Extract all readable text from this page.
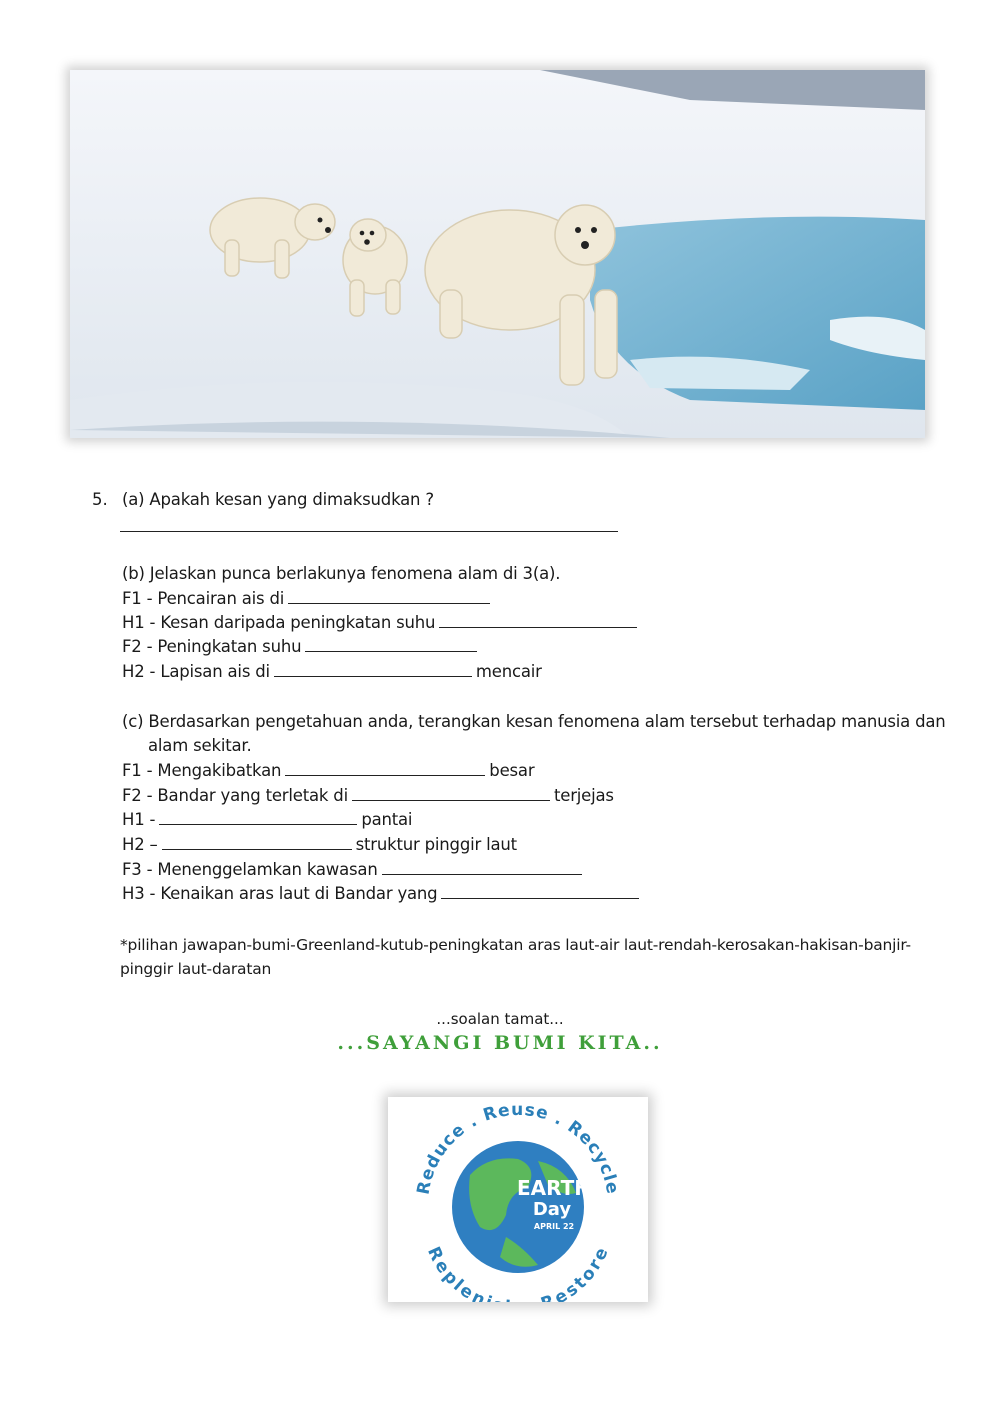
5. (a) Apakah kesan yang dimaksudkan ?
(b) Jelaskan punca berlakunya fenomena alam di 3(a).
F1 - Pencairan ais di
H1 - Kesan daripada peningkatan suhu
F2 - Peningkatan suhu
H2 - Lapisan ais di	mencair
(c) Berdasarkan pengetahuan anda, terangkan kesan fenomena alam tersebut terhadap manusia dan
alam sekitar.
F1 - Mengakibatkan	besar
F2 - Bandar yang terletak di	terjejas
H1 -	pantai
H2 –	struktur pinggir laut
F3 - Menenggelamkan kawasan
H3 - Kenaikan aras laut di Bandar yang
*pilihan jawapan-bumi-Greenland-kutub-peningkatan aras laut-air laut-rendah-kerosakan-hakisan-banjir-
pinggir laut-daratan
...soalan tamat...
...SAYANGI BUMI KITA..
EARTH
Day
APRIL 22
Reduce . Reuse . Recycle
Replen estore
